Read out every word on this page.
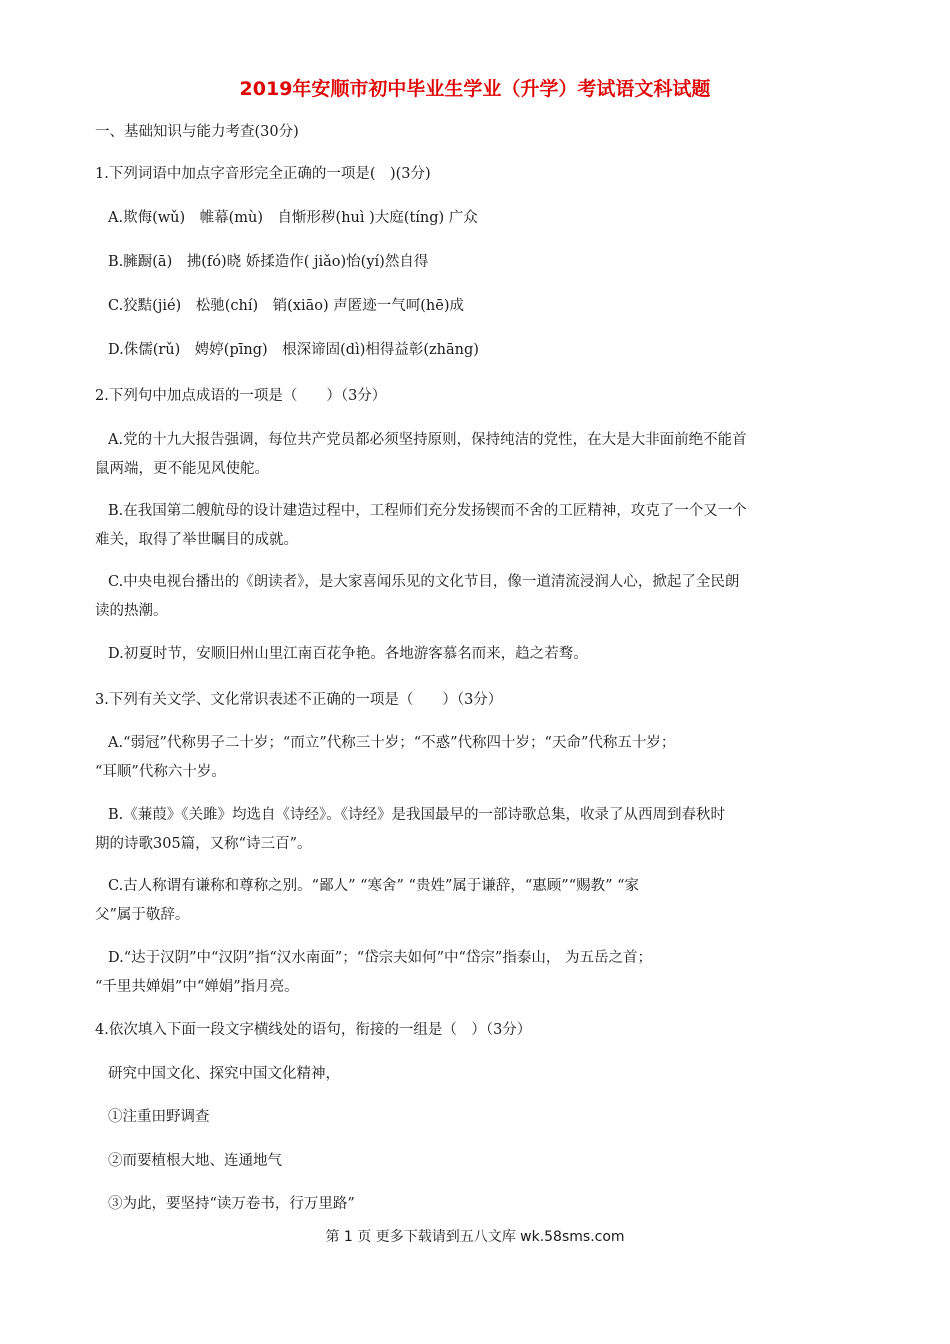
2019年安顺市初中毕业生学业（升学）考试语文科试题
一、基础知识与能力考查(30分)
1.下列词语中加点字音形完全正确的一项是(　)(3分)
A.欺侮(wǔ)　帷幕(mù)　自惭形秽(huì )大庭(tíng) 广众
B.臃蹰(ā)　拂(fó)晓 娇揉造作( jiǎo)怡(yí)然自得
C.狡黠(jié)　松驰(chí)　销(xiāo) 声匿迹一气呵(hē)成
D.侏儒(rǔ)　娉婷(pīng)　根深谛固(dì)相得益彰(zhāng)
2.下列句中加点成语的一项是（　　）（3分）
A.党的十九大报告强调，每位共产党员都必须坚持原则，保持纯洁的党性，在大是大非面前绝不能首
鼠两端，更不能见风使舵。
B.在我国第二艘航母的设计建造过程中，工程师们充分发扬锲而不舍的工匠精神，攻克了一个又一个
难关，取得了举世瞩目的成就。
C.中央电视台播出的《朗读者》，是大家喜闻乐见的文化节目，像一道清流浸润人心，掀起了全民朗
读的热潮。
D.初夏时节，安顺旧州山里江南百花争艳。各地游客慕名而来，趋之若骛。
3.下列有关文学、文化常识表述不正确的一项是（　　）（3分）
A.“弱冠”代称男子二十岁；“而立”代称三十岁；“不惑”代称四十岁；“天命”代称五十岁；
“耳顺”代称六十岁。
B.《蒹葭》《关雎》均选自《诗经》。《诗经》是我国最早的一部诗歌总集，收录了从西周到春秋时
期的诗歌305篇，又称“诗三百”。
C.古人称谓有谦称和尊称之别。“鄙人” “寒舍” “贵姓”属于谦辞，“惠顾”“赐教” “家
父”属于敬辞。
D.“达于汉阴”中“汉阴”指“汉水南面”；“岱宗夫如何”中“岱宗”指泰山， 为五岳之首；
“千里共婵娟”中“婵娟”指月亮。
4.依次填入下面一段文字横线处的语句，衔接的一组是（　）（3分）
研究中国文化、探究中国文化精神，
①注重田野调查
②而要植根大地、连通地气
③为此，要坚持“读万卷书，行万里路”
第 1 页 更多下载请到五八文库 wk.58sms.com
